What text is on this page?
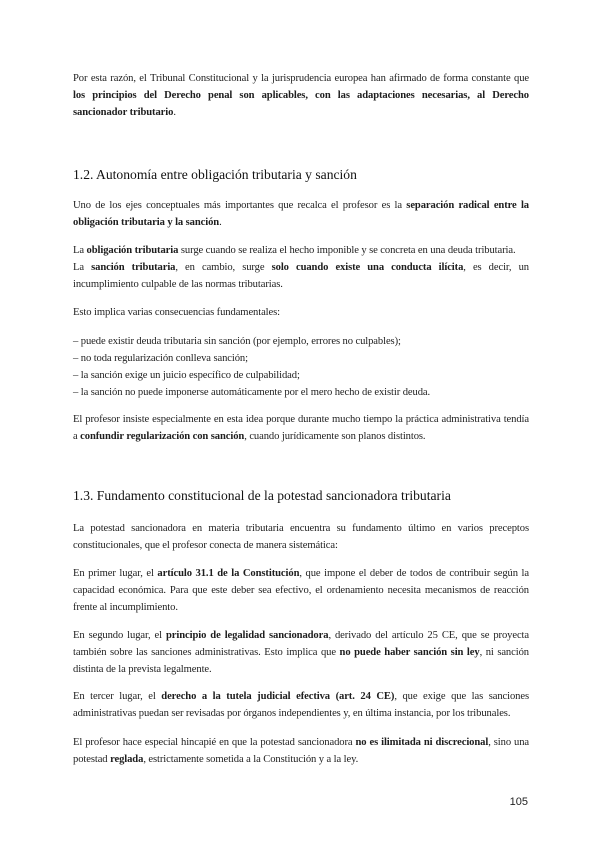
Por esta razón, el Tribunal Constitucional y la jurisprudencia europea han afirmado de forma constante que los principios del Derecho penal son aplicables, con las adaptaciones necesarias, al Derecho sancionador tributario.

1.2. Autonomía entre obligación tributaria y sanción

Uno de los ejes conceptuales más importantes que recalca el profesor es la separación radical entre la obligación tributaria y la sanción.

La obligación tributaria surge cuando se realiza el hecho imponible y se concreta en una deuda tributaria.
La sanción tributaria, en cambio, surge solo cuando existe una conducta ilícita, es decir, un incumplimiento culpable de las normas tributarias.

Esto implica varias consecuencias fundamentales:

– puede existir deuda tributaria sin sanción (por ejemplo, errores no culpables);
– no toda regularización conlleva sanción;
– la sanción exige un juicio específico de culpabilidad;
– la sanción no puede imponerse automáticamente por el mero hecho de existir deuda.

El profesor insiste especialmente en esta idea porque durante mucho tiempo la práctica administrativa tendía a confundir regularización con sanción, cuando jurídicamente son planos distintos.

1.3. Fundamento constitucional de la potestad sancionadora tributaria

La potestad sancionadora en materia tributaria encuentra su fundamento último en varios preceptos constitucionales, que el profesor conecta de manera sistemática:

En primer lugar, el artículo 31.1 de la Constitución, que impone el deber de todos de contribuir según la capacidad económica. Para que este deber sea efectivo, el ordenamiento necesita mecanismos de reacción frente al incumplimiento.

En segundo lugar, el principio de legalidad sancionadora, derivado del artículo 25 CE, que se proyecta también sobre las sanciones administrativas. Esto implica que no puede haber sanción sin ley, ni sanción distinta de la prevista legalmente.

En tercer lugar, el derecho a la tutela judicial efectiva (art. 24 CE), que exige que las sanciones administrativas puedan ser revisadas por órganos independientes y, en última instancia, por los tribunales.

El profesor hace especial hincapié en que la potestad sancionadora no es ilimitada ni discrecional, sino una potestad reglada, estrictamente sometida a la Constitución y a la ley.

105
